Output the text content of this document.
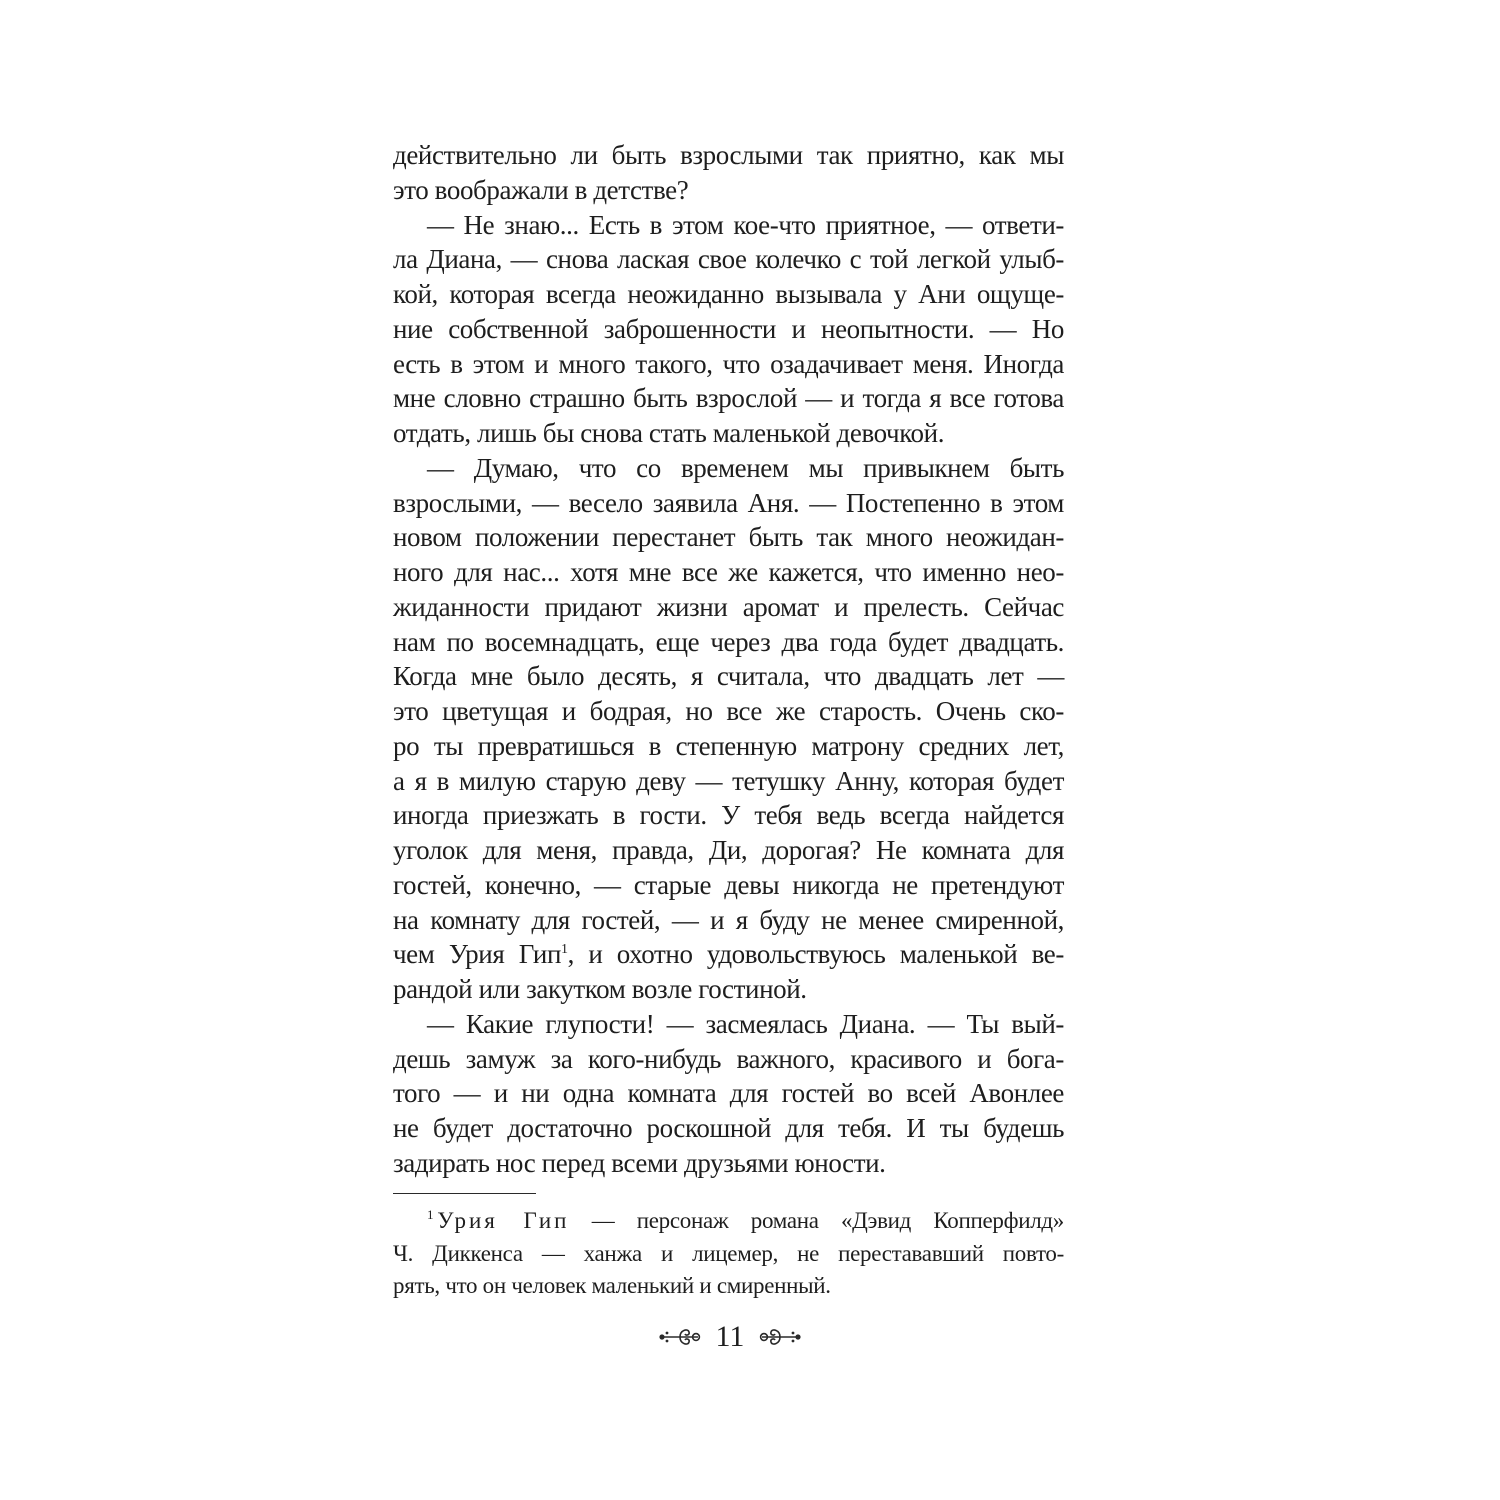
действительно ли быть взрослыми так приятно, как мы
это воображали в детстве?
— Не знаю... Есть в этом кое-что приятное, — ответи-
ла Диана, — снова лаская свое колечко с той легкой улыб-
кой, которая всегда неожиданно вызывала у Ани ощуще-
ние собственной заброшенности и неопытности. — Но
есть в этом и много такого, что озадачивает меня. Иногда
мне словно страшно быть взрослой — и тогда я все готова
отдать, лишь бы снова стать маленькой девочкой.
— Думаю, что со временем мы привыкнем быть
взрослыми, — весело заявила Аня. — Постепенно в этом
новом положении перестанет быть так много неожидан-
ного для нас... хотя мне все же кажется, что именно нео-
жиданности придают жизни аромат и прелесть. Сейчас
нам по восемнадцать, еще через два года будет двадцать.
Когда мне было десять, я считала, что двадцать лет —
это цветущая и бодрая, но все же старость. Очень ско-
ро ты превратишься в степенную матрону средних лет,
а я в милую старую деву — тетушку Анну, которая будет
иногда приезжать в гости. У тебя ведь всегда найдется
уголок для меня, правда, Ди, дорогая? Не комната для
гостей, конечно, — старые девы никогда не претендуют
на комнату для гостей, — и я буду не менее смиренной,
чем Урия Гип$^1$, и охотно удовольствуюсь маленькой ве-
рандой или закутком возле гостиной.
— Какие глупости! — засмеялась Диана. — Ты вый-
дешь замуж за кого-нибудь важного, красивого и бога-
того — и ни одна комната для гостей во всей Авонлее
не будет достаточно роскошной для тебя. И ты будешь
задирать нос перед всеми друзьями юности.
$^1$ Урия Гип — персонаж романа «Дэвид Копперфилд»
Ч. Диккенса — ханжа и лицемер, не перестававший повто-
рять, что он человек маленький и смиренный.
11
